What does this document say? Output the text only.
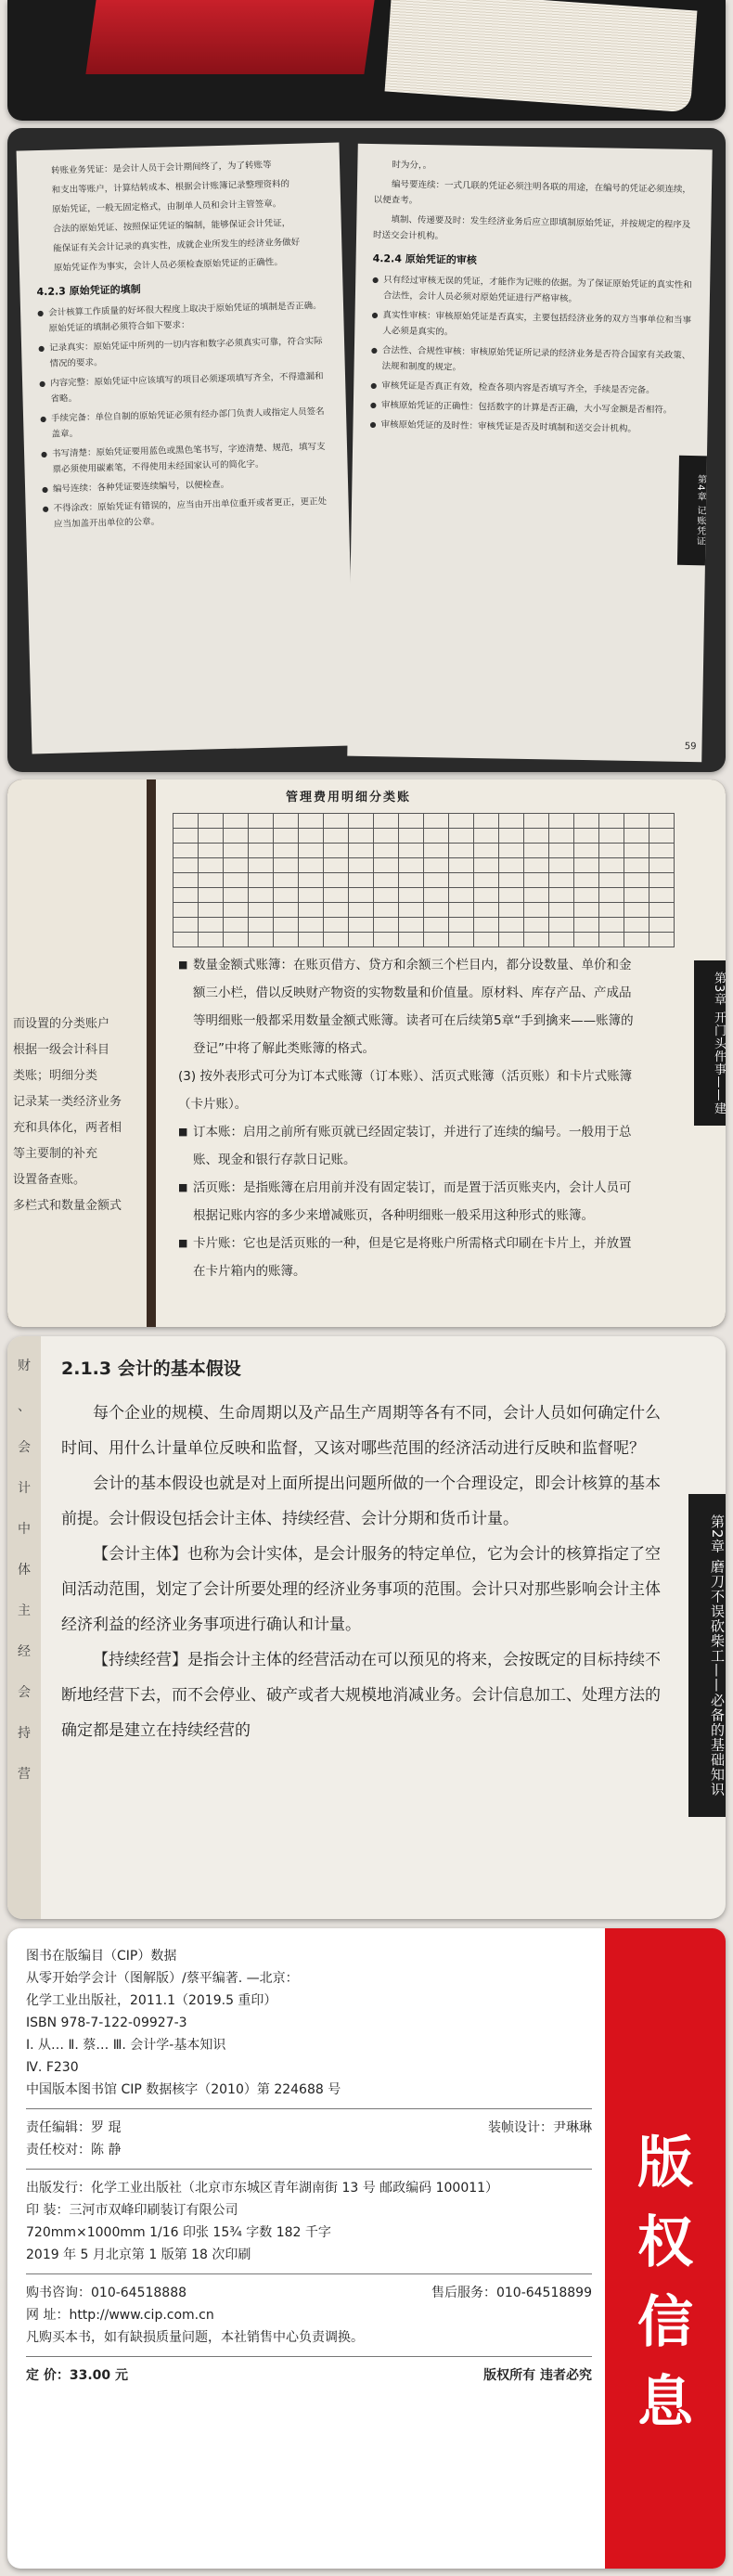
转账业务凭证：是会计人员于会计期间终了，为了转账等

和支出等账户，计算结转成本、根据会计账簿记录整理资料的

原始凭证，一般无固定格式，由制单人员和会计主管签章。

合法的原始凭证、按照保证凭证的编制，能够保证会计凭证，

能保证有关会计记录的真实性，成就企业所发生的经济业务做好

原始凭证作为事实，会计人员必须检查原始凭证的正确性。

4.2.3 原始凭证的填制

● 会计核算工作质量的好坏很大程度上取决于原始凭证的填制是否正确。原始凭证的填制必须符合如下要求：

● 记录真实：原始凭证中所列的一切内容和数字必须真实可靠，符合实际情况的要求。

● 内容完整：原始凭证中应该填写的项目必须逐项填写齐全，不得遗漏和省略。

● 手续完备：单位自制的原始凭证必须有经办部门负责人或指定人员签名盖章。

● 书写清楚：原始凭证要用蓝色或黑色笔书写，字迹清楚、规范，填写支票必须使用碳素笔，不得使用未经国家认可的简化字。

● 编号连续：各种凭证要连续编号，以便检查。

● 不得涂改：原始凭证有错误的，应当由开出单位重开或者更正，更正处应当加盖开出单位的公章。

时为分，。

编号要连续：一式几联的凭证必须注明各联的用途，在编号的凭证必须连续，以便查考。

填制、传递要及时：发生经济业务后应立即填制原始凭证，并按规定的程序及时送交会计机构。

4.2.4 原始凭证的审核

● 只有经过审核无误的凭证，才能作为记账的依据。为了保证原始凭证的真实性和合法性，会计人员必须对原始凭证进行严格审核。

● 真实性审核：审核原始凭证是否真实，主要包括经济业务的双方当事单位和当事人必须是真实的。

● 合法性、合规性审核：审核原始凭证所记录的经济业务是否符合国家有关政策、法规和制度的规定。

● 审核凭证是否真正有效，检查各项内容是否填写齐全，手续是否完备。

● 审核原始凭证的正确性：包括数字的计算是否正确，大小写金额是否相符。

● 审核原始凭证的及时性：审核凭证是否及时填制和送交会计机构。

第4章 记账凭证
59
而设置的分类账户
根据一级会计科目
类账；明细分类
记录某一类经济业务
充和具体化，两者相
等主要制的补充
设置备查账。
多栏式和数量金额式
管理费用明细分类账

■ 数量金额式账簿：在账页借方、贷方和余额三个栏目内，都分设数量、单价和金额三小栏，借以反映财产物资的实物数量和价值量。原材料、库存产品、产成品等明细账一般都采用数量金额式账簿。读者可在后续第5章“手到擒来——账簿的登记”中将了解此类账簿的格式。

(3) 按外表形式可分为订本式账簿（订本账）、活页式账簿（活页账）和卡片式账簿（卡片账）。

■ 订本账：启用之前所有账页就已经固定装订，并进行了连续的编号。一般用于总账、现金和银行存款日记账。

■ 活页账：是指账簿在启用前并没有固定装订，而是置于活页账夹内，会计人员可根据记账内容的多少来增减账页，各种明细账一般采用这种形式的账簿。

■ 卡片账：它也是活页账的一种，但是它是将账户所需格式印刷在卡片上，并放置在卡片箱内的账簿。

第3章 开门头件事——建
财
、
会
计
中
体
主
经
会
持
营

2.1.3 会计的基本假设

每个企业的规模、生命周期以及产品生产周期等各有不同，会计人员如何确定什么时间、用什么计量单位反映和监督，又该对哪些范围的经济活动进行反映和监督呢？

会计的基本假设也就是对上面所提出问题所做的一个合理设定，即会计核算的基本前提。会计假设包括会计主体、持续经营、会计分期和货币计量。

【会计主体】也称为会计实体，是会计服务的特定单位，它为会计的核算指定了空间活动范围，划定了会计所要处理的经济业务事项的范围。会计只对那些影响会计主体经济利益的经济业务事项进行确认和计量。

【持续经营】是指会计主体的经营活动在可以预见的将来，会按既定的目标持续不断地经营下去，而不会停业、破产或者大规模地消减业务。会计信息加工、处理方法的确定都是建立在持续经营的	第2章 磨刀不误砍柴工——必备的基础知识

图书在版编目（CIP）数据

从零开始学会计（图解版）/蔡平编著. —北京：

化学工业出版社，2011.1（2019.5 重印）

ISBN 978-7-122-09927-3

Ⅰ. 从… Ⅱ. 蔡… Ⅲ. 会计学-基本知识

Ⅳ. F230

中国版本图书馆 CIP 数据核字（2010）第 224688 号

责任编辑：罗 琨	装帧设计：尹琳琳
责任校对：陈 静

出版发行：化学工业出版社（北京市东城区青年湖南街 13 号 邮政编码 100011）

印 装：三河市双峰印刷装订有限公司

720mm×1000mm 1/16 印张 15¾ 字数 182 千字

2019 年 5 月北京第 1 版第 18 次印刷

购书咨询：010-64518888	售后服务：010-64518899
网 址：http://www.cip.com.cn
凡购买本书，如有缺损质量问题，本社销售中心负责调换。
定 价：33.00 元	版权所有 违者必究
版权信息
